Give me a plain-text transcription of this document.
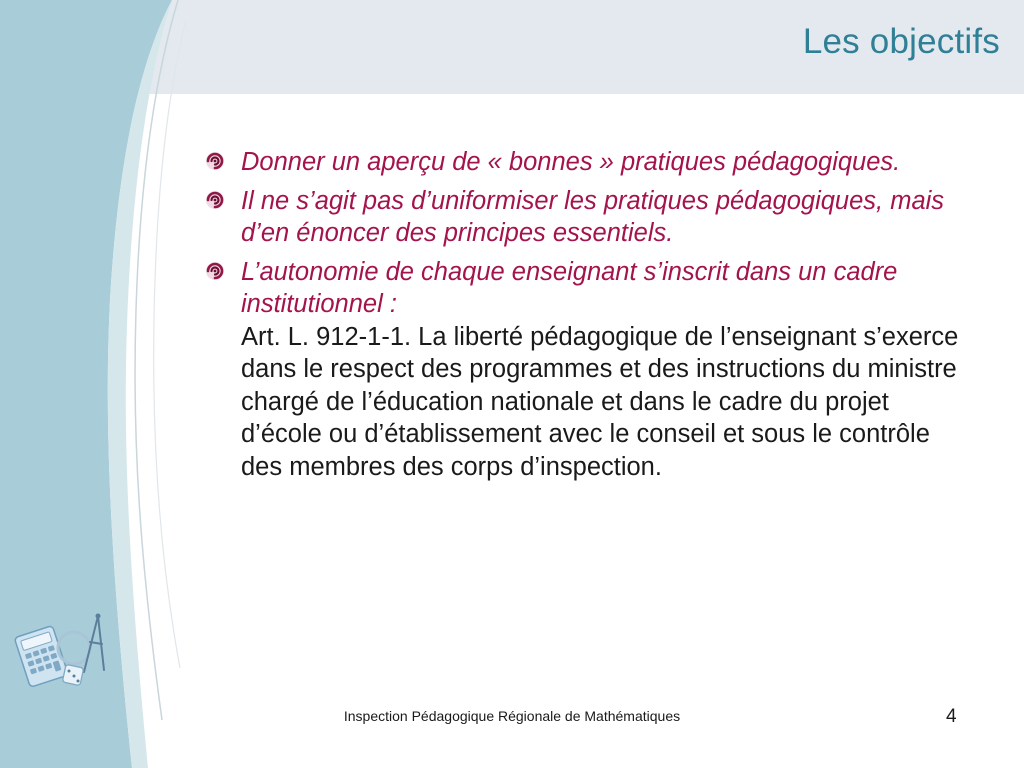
Les objectifs
Donner un aperçu de « bonnes » pratiques pédagogiques.
Il ne s’agit pas d’uniformiser les pratiques pédagogiques, mais d’en énoncer des principes essentiels.
L’autonomie de chaque enseignant s’inscrit dans un cadre institutionnel :
Art. L. 912-1-1. La liberté pédagogique de l’enseignant s’exerce dans le respect des programmes et des instructions du ministre chargé de l’éducation nationale et dans le cadre du projet d’école ou d’établissement avec le conseil et sous le contrôle des membres des corps d’inspection.
Inspection Pédagogique Régionale de Mathématiques	4
